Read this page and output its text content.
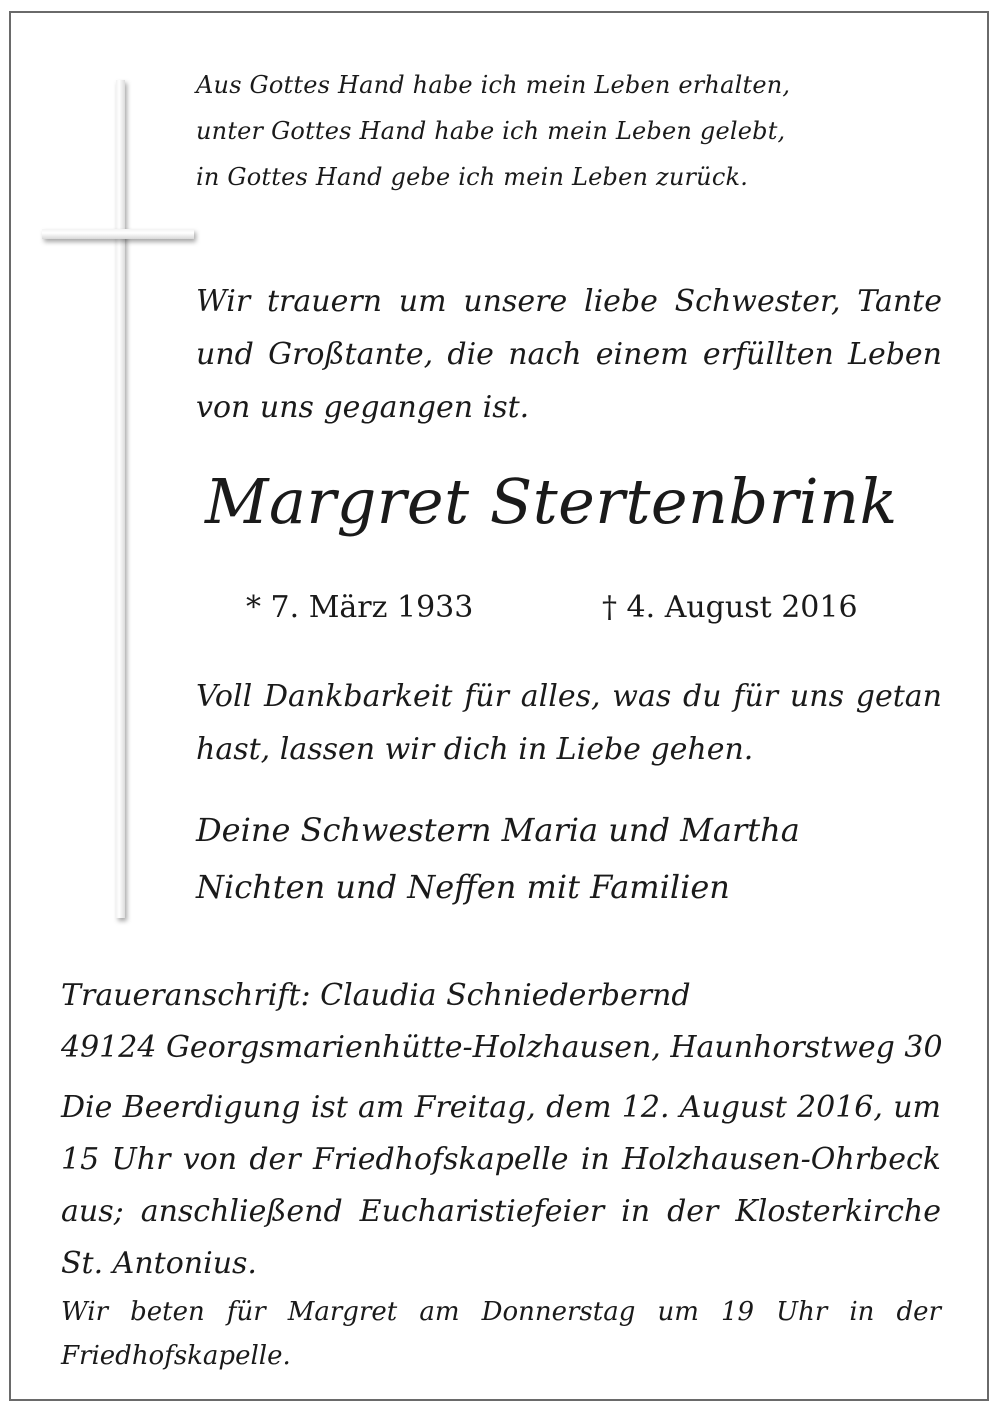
Aus Gottes Hand habe ich mein Leben erhalten,
unter Gottes Hand habe ich mein Leben gelebt,
in Gottes Hand gebe ich mein Leben zurück.
Wir trauern um unsere liebe Schwester, Tante
und Großtante, die nach einem erfüllten Leben
von uns gegangen ist.
Margret Stertenbrink
* 7. März 1933	† 4. August 2016
Voll Dankbarkeit für alles, was du für uns getan
hast, lassen wir dich in Liebe gehen.
Deine Schwestern Maria und Martha
Nichten und Neffen mit Familien
Traueranschrift: Claudia Schniederbernd
49124 Georgsmarienhütte-Holzhausen, Haunhorstweg 30
Die Beerdigung ist am Freitag, dem 12. August 2016, um
15 Uhr von der Friedhofskapelle in Holzhausen-Ohrbeck
aus; anschließend Eucharistiefeier in der Klosterkirche
St. Antonius.
Wir beten für Margret am Donnerstag um 19 Uhr in der
Friedhofskapelle.
